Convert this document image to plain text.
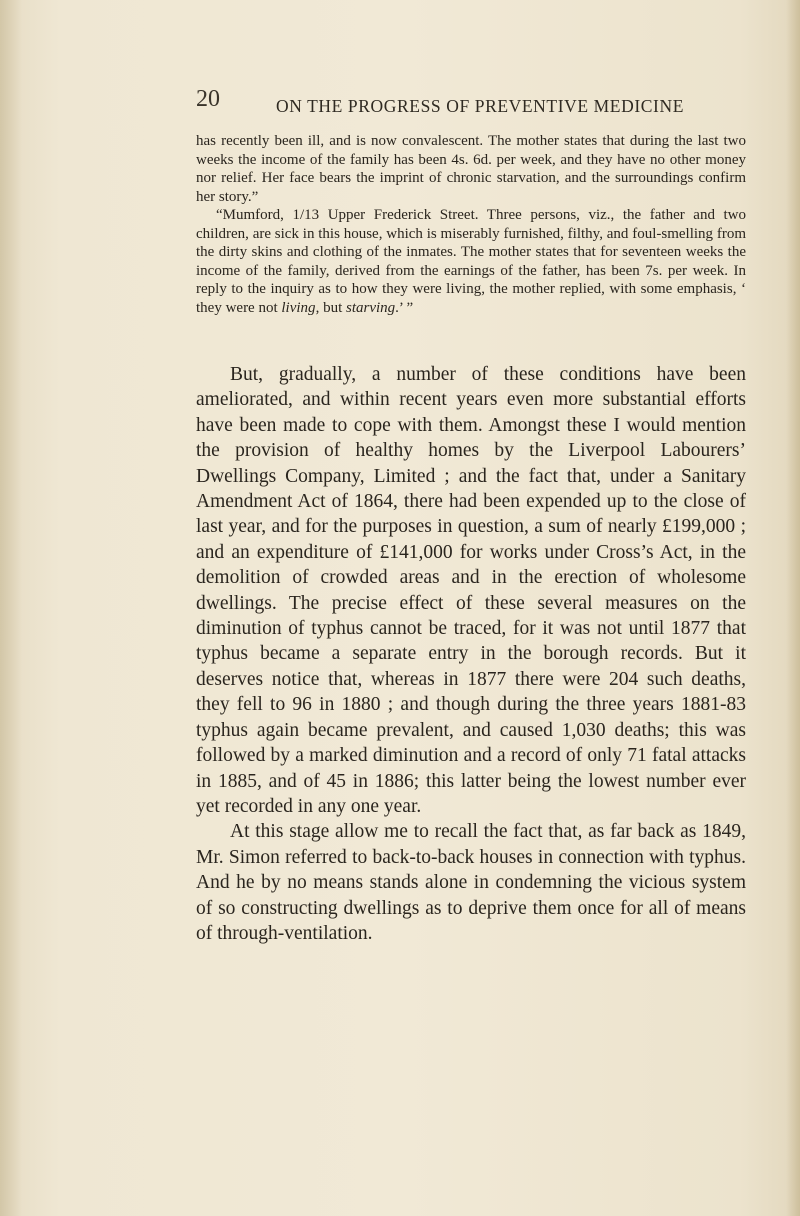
20	ON THE PROGRESS OF PREVENTIVE MEDICINE

has recently been ill, and is now convalescent. The mother states that during the last two weeks the income of the family has been 4s. 6d. per week, and they have no other money nor relief. Her face bears the imprint of chronic starvation, and the surroundings confirm her story.”

“Mumford, 1/13 Upper Frederick Street. Three persons, viz., the father and two children, are sick in this house, which is miserably furnished, filthy, and foul-smelling from the dirty skins and clothing of the inmates. The mother states that for seventeen weeks the income of the family, derived from the earnings of the father, has been 7s. per week. In reply to the inquiry as to how they were living, the mother replied, with some emphasis, ‘ they were not living, but starving.’ ”

But, gradually, a number of these conditions have been ameliorated, and within recent years even more substantial efforts have been made to cope with them. Amongst these I would mention the provision of healthy homes by the Liverpool Labourers’ Dwellings Company, Limited ; and the fact that, under a Sanitary Amendment Act of 1864, there had been expended up to the close of last year, and for the purposes in question, a sum of nearly £199,000 ; and an expenditure of £141,000 for works under Cross’s Act, in the demolition of crowded areas and in the erection of wholesome dwellings. The precise effect of these several measures on the diminution of typhus cannot be traced, for it was not until 1877 that typhus became a separate entry in the borough records. But it deserves notice that, whereas in 1877 there were 204 such deaths, they fell to 96 in 1880 ; and though during the three years 1881-83 typhus again became prevalent, and caused 1,030 deaths; this was followed by a marked diminution and a record of only 71 fatal attacks in 1885, and of 45 in 1886; this latter being the lowest number ever yet recorded in any one year.

At this stage allow me to recall the fact that, as far back as 1849, Mr. Simon referred to back-to-back houses in connection with typhus. And he by no means stands alone in condemning the vicious system of so constructing dwellings as to deprive them once for all of means of through-ventilation.
